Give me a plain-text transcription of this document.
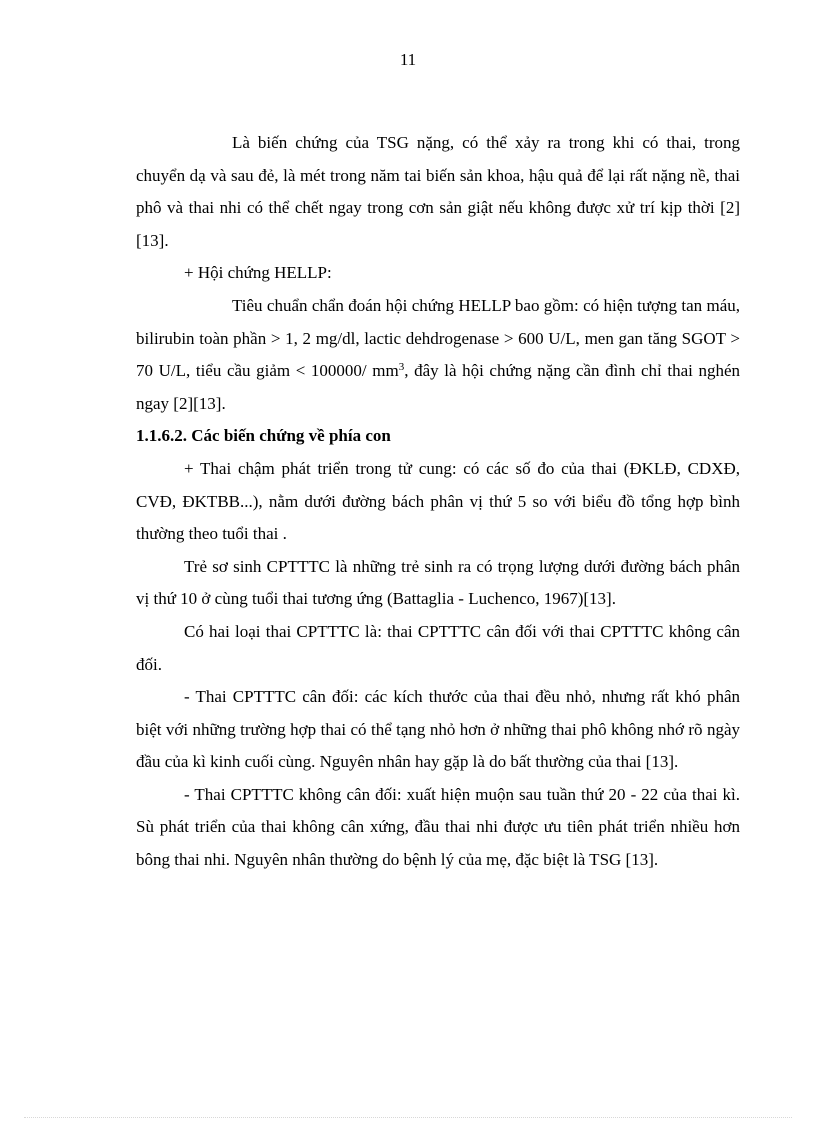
11

Là biến chứng của TSG nặng, có thể xảy ra trong khi có thai, trong chuyển dạ và sau đẻ, là mét trong năm tai biến sản khoa, hậu quả để lại rất nặng nề, thai phô và thai nhi có thể chết ngay trong cơn sản giật nếu không được xử trí kịp thời [2][13].

+ Hội chứng HELLP:

Tiêu chuẩn chẩn đoán hội chứng HELLP bao gồm: có hiện tượng tan máu, bilirubin toàn phần > 1, 2 mg/dl, lactic dehdrogenase > 600 U/L, men gan tăng SGOT > 70 U/L, tiểu cầu giảm < 100000/ $mm^3$, đây là hội chứng nặng cần đình chỉ thai nghén ngay [2][13].

1.1.6.2. Các biến chứng về phía con

+ Thai chậm phát triển trong tử cung: có các số đo của thai (ĐKLĐ, CDXĐ, CVĐ, ĐKTBB...), nằm dưới đường bách phân vị thứ 5 so với biểu đồ tổng hợp bình thường theo tuổi thai .

Trẻ sơ sinh CPTTTC là những trẻ sinh ra có trọng lượng dưới đường bách phân vị thứ 10 ở cùng tuổi thai tương ứng (Battaglia - Luchenco, 1967)[13].

Có hai loại thai CPTTTC là: thai CPTTTC cân đối với thai CPTTTC không cân đối.

- Thai CPTTTC cân đối: các kích thước của thai đều nhỏ, nhưng rất khó phân biệt với những trường hợp thai có thể tạng nhỏ hơn ở những thai phô không nhớ rõ ngày đầu của kì kinh cuối cùng. Nguyên nhân hay gặp là do bất thường của thai [13].

- Thai CPTTTC không cân đối: xuất hiện muộn sau tuần thứ 20 - 22 của thai kì. Sù phát triển của thai không cân xứng, đầu thai nhi được ưu tiên phát triển nhiều hơn bông thai nhi. Nguyên nhân thường do bệnh lý của mẹ, đặc biệt là TSG [13].
